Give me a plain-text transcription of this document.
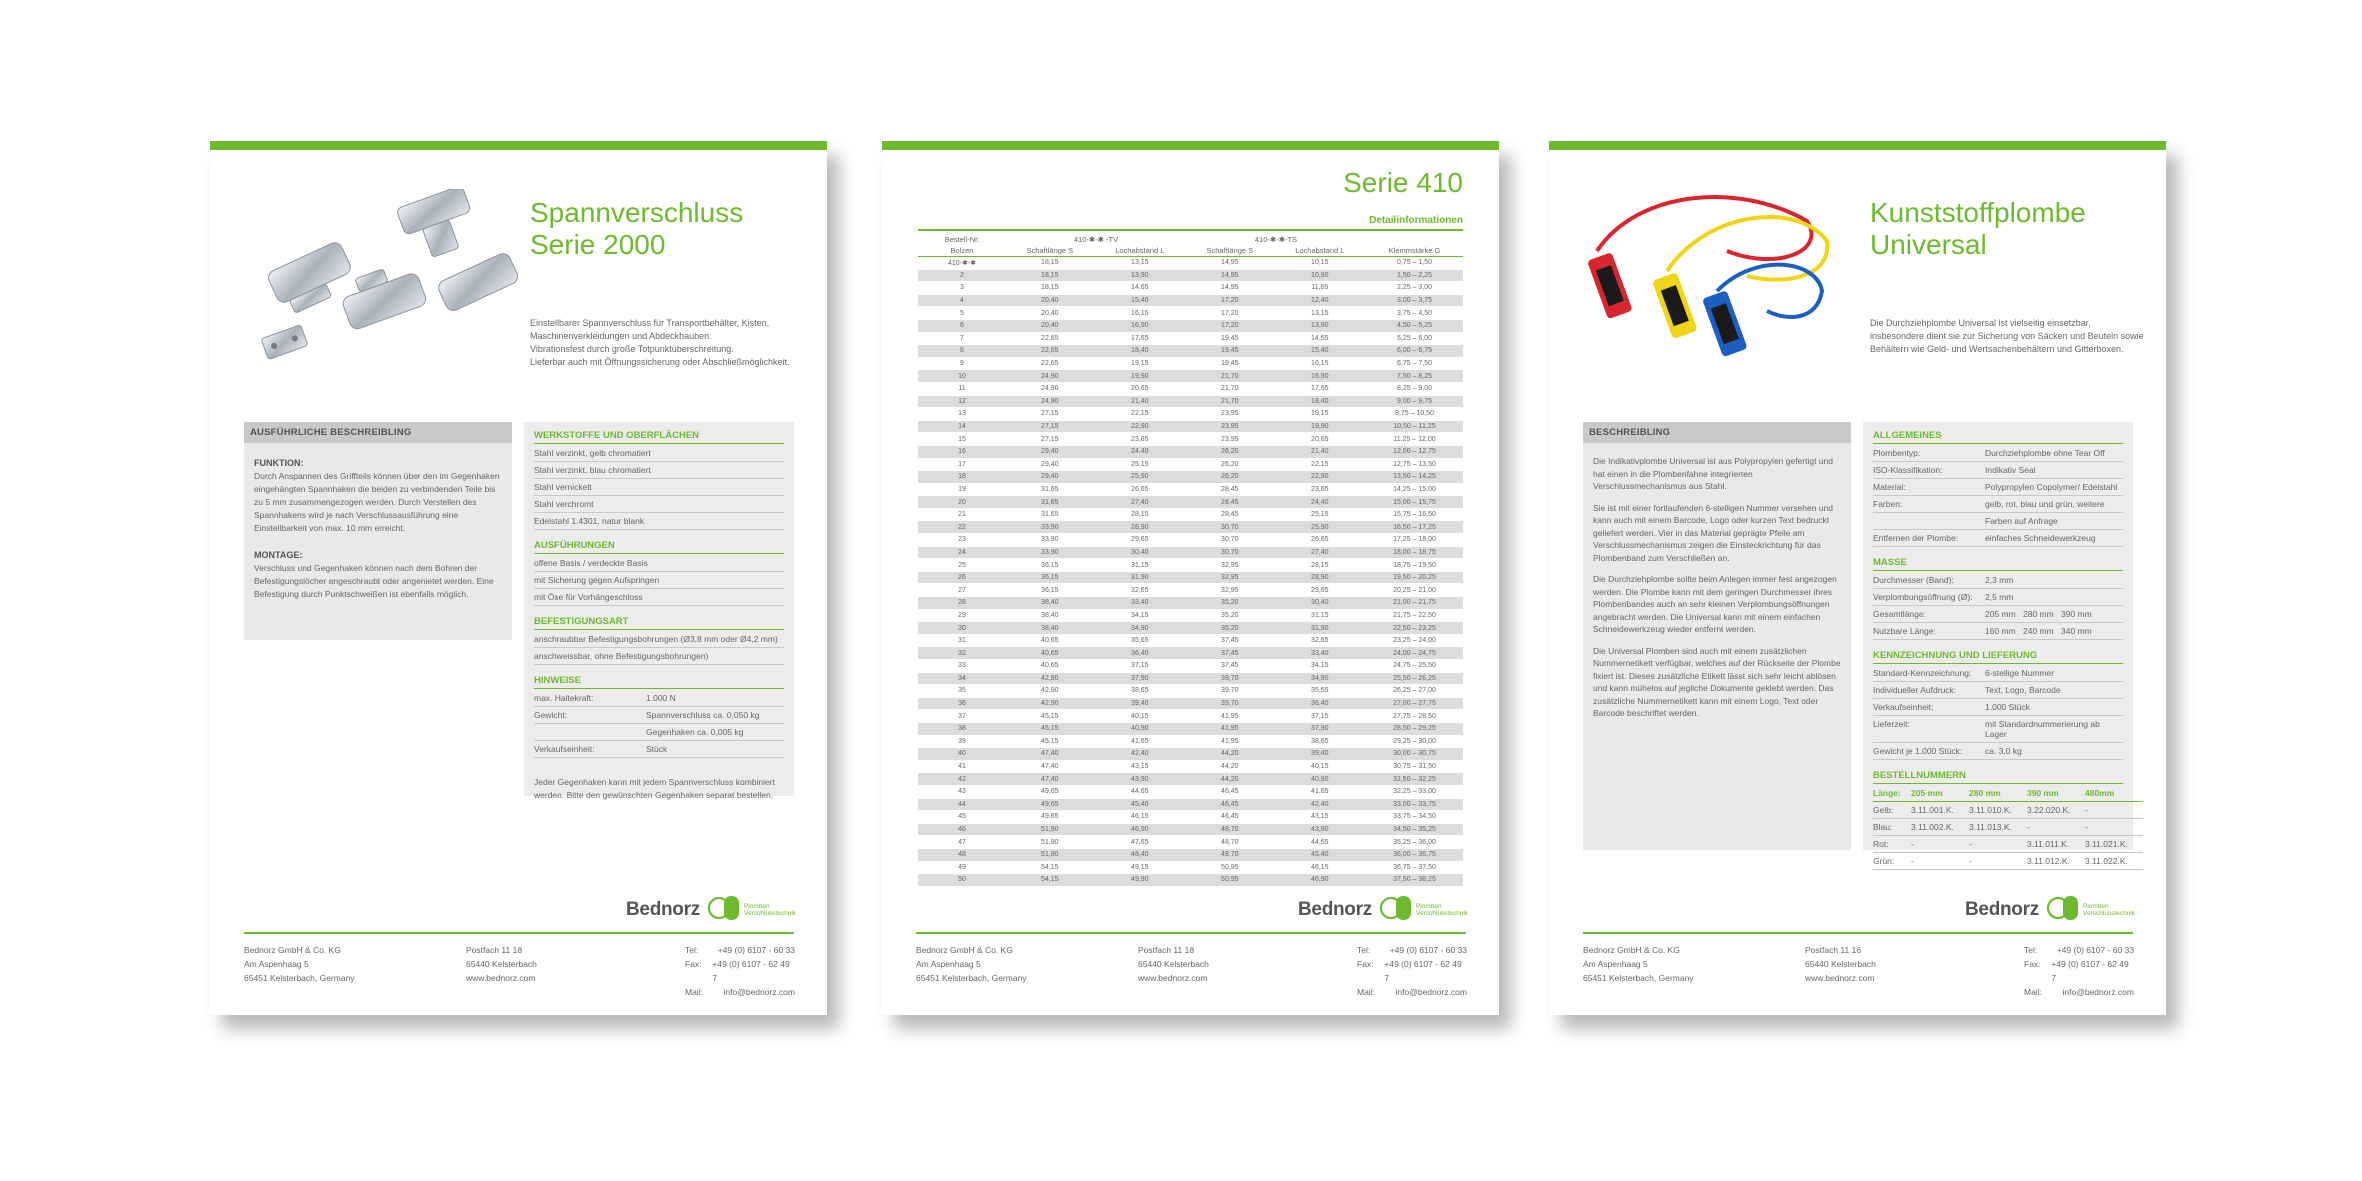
Spannverschluss
Serie 2000
Einstellbarer Spannverschluss für Transportbehälter, Kisten,
Maschinenverkleidungen und Abdeckhauben.
Vibrationsfest durch große Totpunktüberschreitung.
Lieferbar auch mit Öffnungssicherung oder Abschließmöglichkeit.
AUSFÜHRLICHE BESCHREIBLING
FUNKTION:
Durch Anspannen des Griffteils können über den im Gegenhaken eingehängten Spannhaken die beiden zu verbindenden Teile bis zu 5 mm zusammengezogen werden. Durch Verstellen des Spannhakens wird je nach Verschlussausführung eine Einstellbarkeit von max. 10 mm erreicht.
MONTAGE:
Verschluss und Gegenhaken können nach dem Bohren der Befestigungslöcher angeschraubt oder angenietet werden. Eine Befestigung durch Punktschweißen ist ebenfalls möglich.
WERKSTOFFE UND OBERFLÄCHEN
Stahl verzinkt, gelb chromatiert
Stahl verzinkt, blau chromatiert
Stahl vernickelt
Stahl verchromt
Edelstahl 1.4301, natur blank
AUSFÜHRUNGEN
offene Basis / verdeckte Basis
mit Sicherung gegen Aufspringen
mit Öse für Vorhängeschloss
BEFESTIGUNGSART
anschraubbar Befestigungsbohrungen (Ø3,8 mm oder Ø4,2 mm)
anschweissbar, ohne Befestigungsbohrungen)
HINWEISE
max. Haltekraft:	1.000 N
Gewicht:	Spannverschluss ca. 0,050 kg
Gegenhaken ca. 0,005 kg
Verkaufseinheit:	Stück
Jeder Gegenhaken kann mit jedem Spannverschluss kombiniert werden. Bitte den gewünschten Gegenhaken separat bestellen.
Bednorz	Plomben
Verschlusstechnik
Bednorz GmbH & Co. KG
Am Aspenhaag 5
65451 Kelsterbach, Germany
Postfach 11 18
65440 Kelsterbach
www.bednorz.com
Tel:	+49 (0) 6107 - 60 33
Fax:	+49 (0) 6107 - 62 49 7
Mail:	info@bednorz.com
Serie 410
Detailinformationen
Bestell-Nr.	410-✱-✱ -TV		410-✱-✱-TS		
Bolzen	Schaftlänge S	Lochabstand L	Schaftlänge S	Lochabstand L	Klemmstärke G
410-✱-✱	18,15	13,15	14,95	10,15	0,75 – 1,50
2	18,15	13,90	14,95	10,90	1,50 – 2,25
3	18,15	14,65	14,95	11,65	2,25 – 3,00
4	20,40	15,40	17,20	12,40	3,00 – 3,75
5	20,40	16,15	17,20	13,15	3,75 – 4,50
6	20,40	16,90	17,20	13,90	4,50 – 5,25
7	22,65	17,65	19,45	14,65	5,25 – 6,00
8	22,65	18,40	19,45	15,40	6,00 – 6,75
9	22,65	19,15	19,45	16,15	6,75 – 7,50
10	24,90	19,90	21,70	16,90	7,50 – 8,25
11	24,90	20,65	21,70	17,65	8,25 – 9,00
12	24,90	21,40	21,70	18,40	9,00 – 9,75
13	27,15	22,15	23,95	19,15	9,75 – 10,50
14	27,15	22,90	23,95	19,90	10,50 – 11,25
15	27,15	23,65	23,95	20,65	11,25 – 12,00
16	29,40	24,40	26,20	21,40	12,00 – 12,75
17	29,40	25,15	26,20	22,15	12,75 – 13,50
18	29,40	25,90	26,20	22,90	13,50 – 14,25
19	31,65	26,65	28,45	23,65	14,25 – 15,00
20	31,65	27,40	28,45	24,40	15,00 – 15,75
21	31,65	28,15	28,45	25,15	15,75 – 16,50
22	33,90	28,90	30,70	25,90	16,50 – 17,25
23	33,90	29,65	30,70	26,65	17,25 – 18,00
24	33,90	30,40	30,70	27,40	18,00 – 18,75
25	36,15	31,15	32,95	28,15	18,75 – 19,50
26	36,15	31,90	32,95	28,90	19,50 – 20,25
27	36,15	32,65	32,95	29,65	20,25 – 21,00
28	38,40	33,40	35,20	30,40	21,00 – 21,75
29	38,40	34,15	35,20	31,15	21,75 – 22,50
30	38,40	34,90	35,20	31,90	22,50 – 23,25
31	40,65	35,65	37,45	32,65	23,25 – 24,00
32	40,65	36,40	37,45	33,40	24,00 – 24,75
33	40,65	37,15	37,45	34,15	24,75 – 25,50
34	42,90	37,90	39,70	34,90	25,50 – 26,25
35	42,90	38,65	39,70	35,65	26,25 – 27,00
36	42,90	39,40	39,70	36,40	27,00 – 27,75
37	45,15	40,15	41,95	37,15	27,75 – 28,50
38	45,15	40,90	41,95	37,90	28,50 – 29,25
39	45,15	41,65	41,95	38,65	29,25 – 30,00
40	47,40	42,40	44,20	39,40	30,00 – 30,75
41	47,40	43,15	44,20	40,15	30,75 – 31,50
42	47,40	43,90	44,20	40,90	31,50 – 32,25
43	49,65	44,65	46,45	41,65	32,25 – 33,00
44	49,65	45,40	46,45	42,40	33,00 – 33,75
45	49,65	46,15	46,45	43,15	33,75 – 34,50
46	51,90	46,90	48,70	43,90	34,50 – 35,25
47	51,90	47,65	48,70	44,65	35,25 – 36,00
48	51,90	48,40	48,70	45,40	36,00 – 36,75
49	54,15	49,15	50,95	46,15	36,75 – 37,50
50	54,15	49,90	50,95	46,90	37,50 – 38,25
Bednorz	Plomben
Verschlusstechnik
Bednorz GmbH & Co. KG
Am Aspenhaag 5
65451 Kelsterbach, Germany
Postfach 11 18
65440 Kelsterbach
www.bednorz.com
Tel:	+49 (0) 6107 - 60 33
Fax:	+49 (0) 6107 - 62 49 7
Mail:	info@bednorz.com
Kunststoffplombe
Universal
Die Durchziehplombe Universal ist vielseitig einsetzbar,
insbesondere dient sie zur Sicherung von Säcken und Beuteln sowie
Behältern wie Geld- und Wertsachenbehältern und Gitterboxen.
BESCHREIBLING

Die Indikativplombe Universal ist aus Polypropylen gefertigt und hat einen in die Plombenfahne integrierten Verschlussmechanismus aus Stahl.

Sie ist mit einer fortlaufenden 6-stelligen Nummer versehen und kann auch mit einem Barcode, Logo oder kurzen Text bedruckt geliefert werden. Vier in das Material geprägte Pfeile am Verschlussmechanismus zeigen die Einsteckrichtung für das Plombenband zum Verschließen an.

Die Durchziehplombe sollte beim Anlegen immer fest angezogen werden. Die Plombe kann mit dem geringen Durchmesser ihres Plombenbandes auch an sehr kleinen Verplombungsöffnungen angebracht werden. Die Universal kann mit einem einfachen Schneidewerkzeug wieder entfernt werden.

Die Universal Plomben sind auch mit einem zusätzlichen Nummernetikett verfügbar, welches auf der Rückseite der Plombe fixiert ist. Dieses zusätzliche Etikett lässt sich sehr leicht ablösen und kann mühelos auf jegliche Dokumente geklebt werden. Das zusätzliche Nummernetikett kann mit einem Logo, Text oder Barcode beschriftet werden.

ALLGEMEINES
Plombentyp:	Durchziehplombe ohne Tear Off
ISO-Klassifikation:	Indikativ Seal
Material:	Polypropylen Copolymer/ Edelstahl
Farben:	gelb, rot, blau und grün, weitere
Farben auf Anfrage
Entfernen der Plombe:	einfaches Schneidewerkzeug
MASSE
Durchmesser (Band):	2,3 mm
Verplombungsöffnung (Ø):	2,5 mm
Gesamtlänge:	205 mm 280 mm 390 mm
Nutzbare Länge:	160 mm 240 mm 340 mm
KENNZEICHNUNG UND LIEFERUNG
Standard-Kennzeichnung:	6-stellige Nummer
Individueller Aufdruck:	Text, Logo, Barcode
Verkaufseinheit:	1.000 Stück
Lieferzeit:	mit Standardnummerierung ab Lager
Gewicht je 1.000 Stück:	ca. 3,0 kg
BESTELLNUMMERN
Länge:	205 mm	280 mm	390 mm	480mm
Gelb:	3.11.001.K.	3.11.010.K.	3.22.020.K.	-
Blau:	3.11.002.K.	3.11.013.K.	-	-
Rot:	-	-	3.11.011.K.	3.11.021.K.
Grün:	-	-	3.11.012.K.	3.11.022.K.
Bednorz	Plomben
Verschlusstechnik
Bednorz GmbH & Co. KG
Am Aspenhaag 5
65451 Kelsterbach, Germany
Postfach 11 16
65440 Kelsterbach
www.bednorz.com
Tel:	+49 (0) 6107 - 60 33
Fax:	+49 (0) 6107 - 62 49 7
Mail:	info@bednorz.com
